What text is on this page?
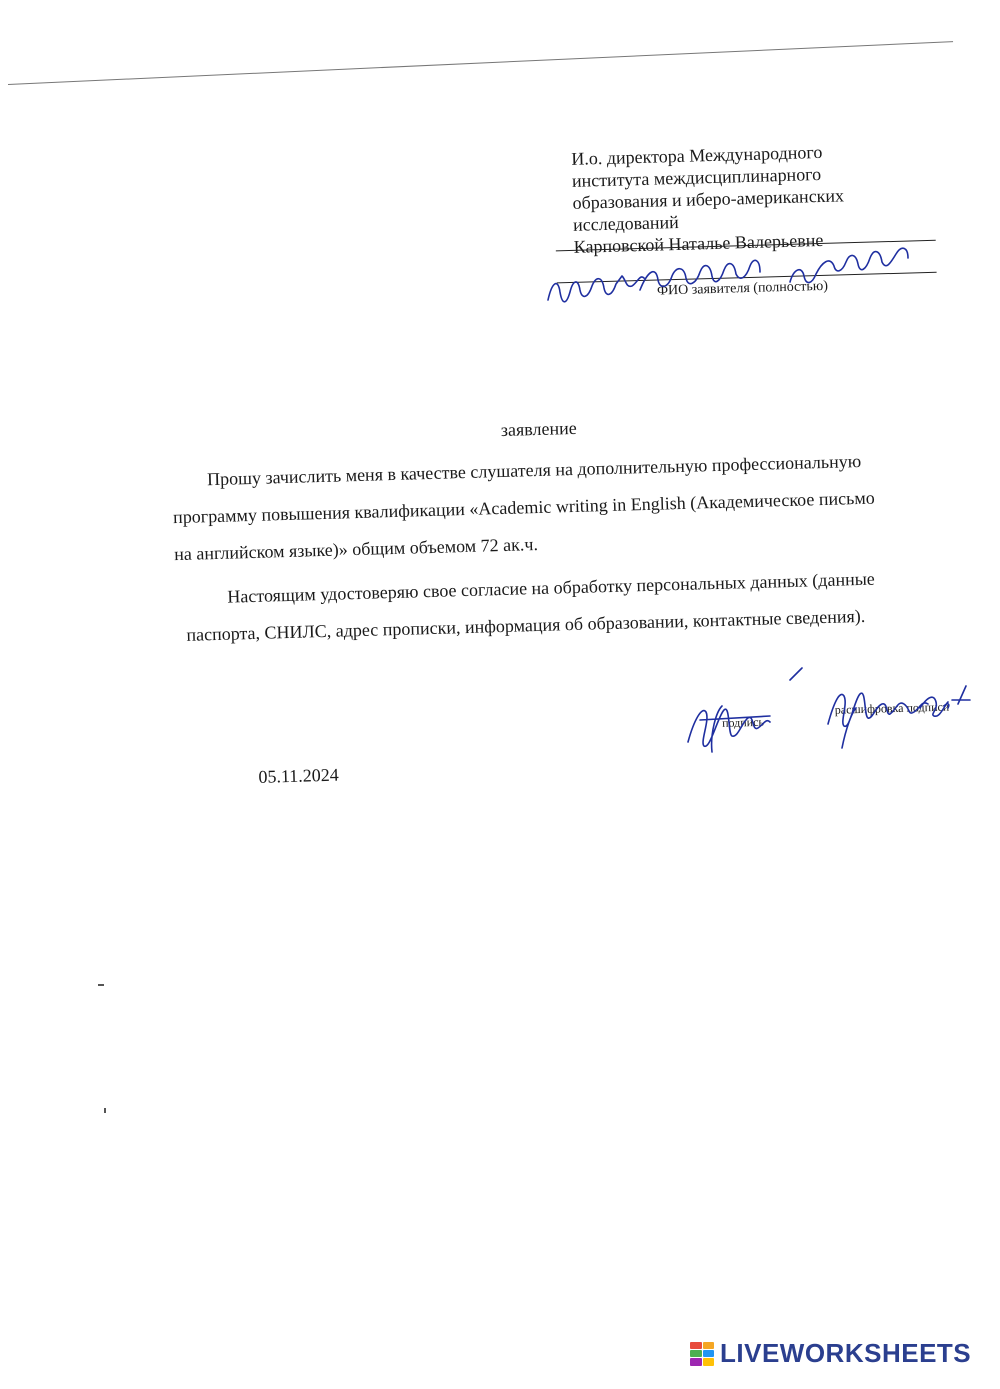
И.о. директора Международного
института междисциплинарного
образования и иберо-американских
исследований
Карповской Наталье Валерьевне
ФИО заявителя (полностью)
заявление
Прошу зачислить меня в качестве слушателя на дополнительную профессиональную
программу повышения квалификации «Academic writing in English (Академическое письмо
на английском языке)» общим объемом 72 ак.ч.
Настоящим удостоверяю свое согласие на обработку персональных данных (данные
паспорта, СНИЛС, адрес прописки, информация об образовании, контактные сведения).
подпись
расшифровка подписи
05.11.2024
LIVEWORKSHEETS
